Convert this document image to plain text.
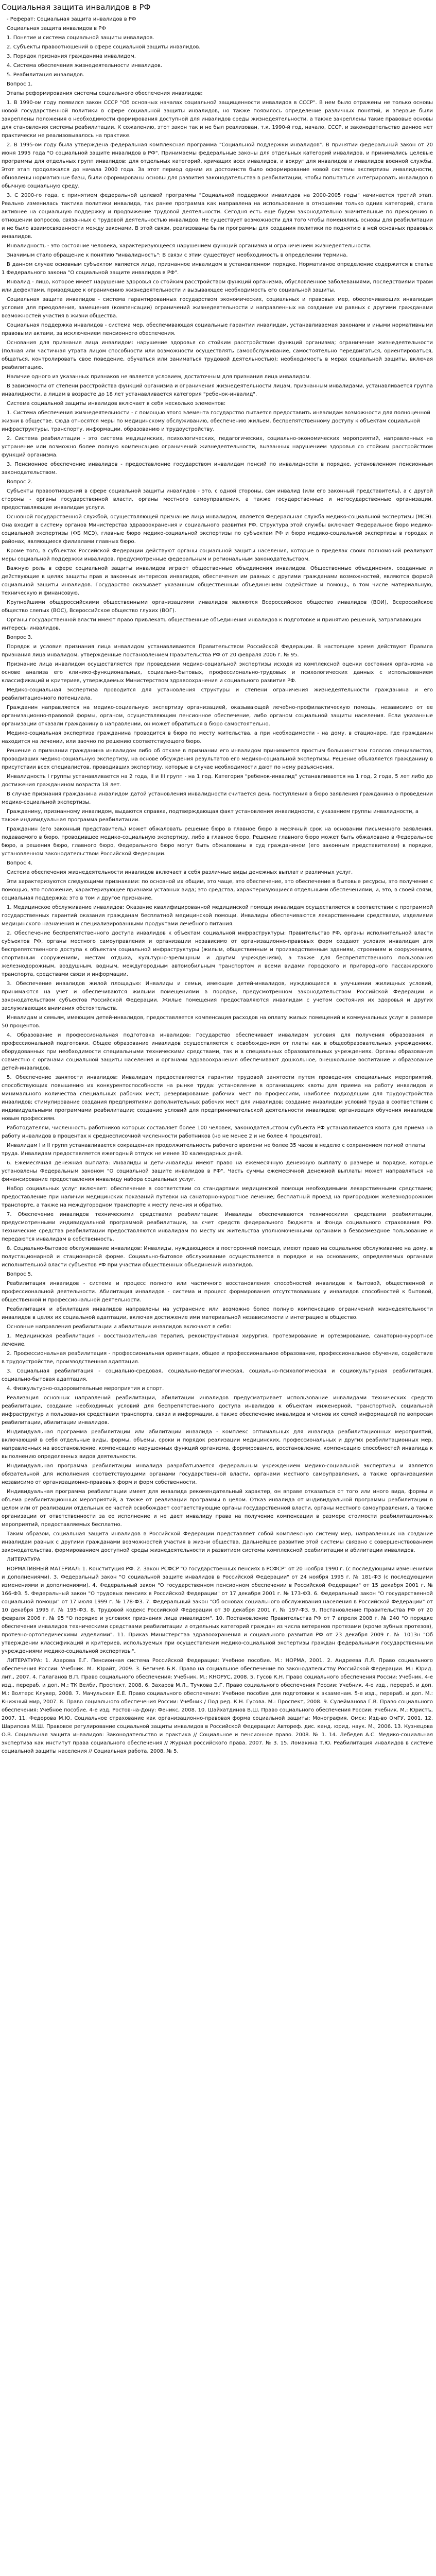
Социальная защита инвалидов в РФ
- Реферат: Социальная защита инвалидов в РФ
Социальная защита инвалидов в РФ
1. Понятие и система социальной защиты инвалидов.
2. Субъекты правоотношений в сфере социальной защиты инвалидов.
3. Порядок признания гражданина инвалидом.
4. Система обеспечения жизнедеятельности инвалидов.
5. Реабилитация инвалидов.
Вопрос 1.
Этапы реформирования системы социального обеспечения инвалидов:
1. В 1990-ом году появился закон СССР "Об основных началах социальной защищенности инвалидов в СССР". В нем было отражены не только основы новой государственной политики в сфере социальной защиты инвалидов, но также появилось определение различных понятий, и впервые были закреплены положения о необходимости формирования доступной для инвалидов среды жизнедеятельности, а также закреплены такие правовые основы для становления системы реабилитации. К сожалению, этот закон так и не был реализован, т.к. 1990-й год, начало, СССР, и законодательство данное нет практически не реализовывалось на практике.
2. В 1995-ом году была утверждена федеральная комплексная программа "Социальной поддержки инвалидов". В принятии федеральный закон от 20 июня 1995 года "О социальной защите инвалидов в РФ". Принимаемы федеральные законы для отдельных категорий инвалидов, и принимались целевые программы для отдельных групп инвалидов: для отдельных категорий, кричащих всех инвалидов, и вокруг для инвалидов и инвалидов военной службы. Этот этап продолжался до начала 2000 года. За этот период одним из достоинств было оформирование новой системы экспертизы инвалидности, обновлены нормативные базы, были сформированы основы для развития законодательства в реабилитации, чтобы попытаться интегрировать инвалидов в обычную социальную среду.
3. С 2000-го года, с принятием федеральной целевой программы "Социальной поддержки инвалидов на 2000-2005 годы" начинается третий этап. Реально изменилась тактика политики инвалида, так ранее программа как направлена на использование в отношении только одних категорий, стала активнее на социальную поддержку и продвижение трудовой деятельности. Сегодня есть еще будем законодательно значительные по преждению в отношении вопросов, связанных с трудовой деятельностью инвалидов. Не существует возможности для того чтобы поменялись основы для реабилитации и не было взаимосвязанности между законами. В этой связи, реализованы были программы для создания политики по поднятию в ней основных правовых инвалидов.
Инвалидность - это состояние человека, характеризующееся нарушением функций организма и ограничением жизнедеятельности.
Значимым стало обращение к понятию "инвалидность": В связи с этим существует необходимость в определении термина.
В данном случае основным субъектом является лицо, признанное инвалидом в установленном порядке. Нормативное определение содержится в статье 1 Федерального закона "О социальной защите инвалидов в РФ".
Инвалид - лицо, которое имеет нарушение здоровья со стойким расстройством функций организма, обусловленное заболеваниями, последствиями травм или дефектами, приводящее к ограничению жизнедеятельности и вызывающее необходимость его социальной защиты.
Социальная защита инвалидов - система гарантированных государством экономических, социальных и правовых мер, обеспечивающих инвалидам условия для преодоления, замещения (компенсации) ограничений жизнедеятельности и направленных на создание им равных с другими гражданами возможностей участия в жизни общества.
Социальная поддержка инвалидов - система мер, обеспечивающая социальные гарантии инвалидам, устанавливаемая законами и иными нормативными правовыми актами, за исключением пенсионного обеспечения.
Основания для признания лица инвалидом: нарушение здоровья со стойким расстройством функций организма; ограничение жизнедеятельности (полная или частичная утрата лицом способности или возможности осуществлять самообслуживание, самостоятельно передвигаться, ориентироваться, общаться, контролировать свое поведение, обучаться или заниматься трудовой деятельностью); необходимость в мерах социальной защиты, включая реабилитацию.
Наличие одного из указанных признаков не является условием, достаточным для признания лица инвалидом.
В зависимости от степени расстройства функций организма и ограничения жизнедеятельности лицам, признанным инвалидами, устанавливается группа инвалидности, а лицам в возрасте до 18 лет устанавливается категория "ребенок-инвалид".
Система социальной защиты инвалидов включает в себя несколько элементов:
1. Система обеспечения жизнедеятельности - с помощью этого элемента государство пытается предоставить инвалидам возможности для полноценной жизни в обществе. Сюда относятся меры по медицинскому обслуживанию, обеспечению жильем, беспрепятственному доступу к объектам социальной инфраструктуры, транспорту, информации, образованию и трудоустройству.
2. Система реабилитации - это система медицинских, психологических, педагогических, социально-экономических мероприятий, направленных на устранение или возможно более полную компенсацию ограничений жизнедеятельности, вызванных нарушением здоровья со стойким расстройством функций организма.
3. Пенсионное обеспечение инвалидов - предоставление государством инвалидам пенсий по инвалидности в порядке, установленном пенсионным законодательством.
Вопрос 2.
Субъекты правоотношений в сфере социальной защиты инвалидов - это, с одной стороны, сам инвалид (или его законный представитель), а с другой стороны - органы государственной власти, органы местного самоуправления, а также государственные и негосударственные организации, предоставляющие инвалидам услуги.
Основной государственной службой, осуществляющей признание лица инвалидом, является Федеральная служба медико-социальной экспертизы (МСЭ). Она входит в систему органов Министерства здравоохранения и социального развития РФ. Структура этой службы включает Федеральное бюро медико-социальной экспертизы (ФБ МСЭ), главные бюро медико-социальной экспертизы по субъектам РФ и бюро медико-социальной экспертизы в городах и районах, являющиеся филиалами главных бюро.
Кроме того, в субъектах Российской Федерации действуют органы социальной защиты населения, которые в пределах своих полномочий реализуют меры социальной поддержки инвалидов, предусмотренные федеральным и региональным законодательством.
Важную роль в сфере социальной защиты инвалидов играют общественные объединения инвалидов. Общественные объединения, созданные и действующие в целях защиты прав и законных интересов инвалидов, обеспечения им равных с другими гражданами возможностей, являются формой социальной защиты инвалидов. Государство оказывает указанным общественным объединениям содействие и помощь, в том числе материальную, техническую и финансовую.
Крупнейшими общероссийскими общественными организациями инвалидов являются Всероссийское общество инвалидов (ВОИ), Всероссийское общество слепых (ВОС), Всероссийское общество глухих (ВОГ).
Органы государственной власти имеют право привлекать общественные объединения инвалидов к подготовке и принятию решений, затрагивающих интересы инвалидов.
Вопрос 3.
Порядок и условия признания лица инвалидом устанавливаются Правительством Российской Федерации. В настоящее время действуют Правила признания лица инвалидом, утвержденные постановлением Правительства РФ от 20 февраля 2006 г. № 95.
Признание лица инвалидом осуществляется при проведении медико-социальной экспертизы исходя из комплексной оценки состояния организма на основе анализа его клинико-функциональных, социально-бытовых, профессионально-трудовых и психологических данных с использованием классификаций и критериев, утверждаемых Министерством здравоохранения и социального развития РФ.
Медико-социальная экспертиза проводится для установления структуры и степени ограничения жизнедеятельности гражданина и его реабилитационного потенциала.
Гражданин направляется на медико-социальную экспертизу организацией, оказывающей лечебно-профилактическую помощь, независимо от ее организационно-правовой формы, органом, осуществляющим пенсионное обеспечение, либо органом социальной защиты населения. Если указанные организации отказали гражданину в направлении, он может обратиться в бюро самостоятельно.
Медико-социальная экспертиза гражданина проводится в бюро по месту жительства, а при необходимости - на дому, в стационаре, где гражданин находится на лечении, или заочно по решению соответствующего бюро.
Решение о признании гражданина инвалидом либо об отказе в признании его инвалидом принимается простым большинством голосов специалистов, проводивших медико-социальную экспертизу, на основе обсуждения результатов его медико-социальной экспертизы. Решение объявляется гражданину в присутствии всех специалистов, проводивших экспертизу, которые в случае необходимости дают по нему разъяснения.
Инвалидность I группы устанавливается на 2 года, II и III групп - на 1 год. Категория "ребенок-инвалид" устанавливается на 1 год, 2 года, 5 лет либо до достижения гражданином возраста 18 лет.
В случае признания гражданина инвалидом датой установления инвалидности считается день поступления в бюро заявления гражданина о проведении медико-социальной экспертизы.
Гражданину, признанному инвалидом, выдаются справка, подтверждающая факт установления инвалидности, с указанием группы инвалидности, а также индивидуальная программа реабилитации.
Гражданин (его законный представитель) может обжаловать решение бюро в главное бюро в месячный срок на основании письменного заявления, подаваемого в бюро, проводившее медико-социальную экспертизу, либо в главное бюро. Решение главного бюро может быть обжаловано в Федеральное бюро, а решения бюро, главного бюро, Федерального бюро могут быть обжалованы в суд гражданином (его законным представителем) в порядке, установленном законодательством Российской Федерации.
Вопрос 4.
Система обеспечения жизнедеятельности инвалидов включает в себя различные виды денежных выплат и различных услуг.
Эти характеризуются следующими признаками: по основной их общим, это чаще, это обеспечение, это обеспечение в бытовые ресурсы, это получение с помощью, это положение, характеризующее признаки уставных вида; это средства, характеризующиеся отдельными обеспечениями, и, это, в своей связи, социальная поддержка; это в том и другое признание.
1. Медицинское обслуживание инвалидов: Оказание квалифицированной медицинской помощи инвалидам осуществляется в соответствии с программой государственных гарантий оказания гражданам бесплатной медицинской помощи. Инвалиды обеспечиваются лекарственными средствами, изделиями медицинского назначения и специализированными продуктами лечебного питания.
2. Обеспечение беспрепятственного доступа инвалидов к объектам социальной инфраструктуры: Правительство РФ, органы исполнительной власти субъектов РФ, органы местного самоуправления и организации независимо от организационно-правовых форм создают условия инвалидам для беспрепятственного доступа к объектам социальной инфраструктуры (жилым, общественным и производственным зданиям, строениям и сооружениям, спортивным сооружениям, местам отдыха, культурно-зрелищным и другим учреждениям), а также для беспрепятственного пользования железнодорожным, воздушным, водным, междугородным автомобильным транспортом и всеми видами городского и пригородного пассажирского транспорта, средствами связи и информации.
3. Обеспечение инвалидов жилой площадью: Инвалиды и семьи, имеющие детей-инвалидов, нуждающиеся в улучшении жилищных условий, принимаются на учет и обеспечиваются жилыми помещениями в порядке, предусмотренном законодательством Российской Федерации и законодательством субъектов Российской Федерации. Жилые помещения предоставляются инвалидам с учетом состояния их здоровья и других заслуживающих внимания обстоятельств.
Инвалидам и семьям, имеющим детей-инвалидов, предоставляется компенсация расходов на оплату жилых помещений и коммунальных услуг в размере 50 процентов.
4. Образование и профессиональная подготовка инвалидов: Государство обеспечивает инвалидам условия для получения образования и профессиональной подготовки. Общее образование инвалидов осуществляется с освобождением от платы как в общеобразовательных учреждениях, оборудованных при необходимости специальными техническими средствами, так и в специальных образовательных учреждениях. Органы образования совместно с органами социальной защиты населения и органами здравоохранения обеспечивают дошкольное, внешкольное воспитание и образование детей-инвалидов.
5. Обеспечение занятости инвалидов: Инвалидам предоставляются гарантии трудовой занятости путем проведения специальных мероприятий, способствующих повышению их конкурентоспособности на рынке труда: установление в организациях квоты для приема на работу инвалидов и минимального количества специальных рабочих мест; резервирование рабочих мест по профессиям, наиболее подходящим для трудоустройства инвалидов; стимулирование создания предприятиями дополнительных рабочих мест для инвалидов; создание инвалидам условий труда в соответствии с индивидуальными программами реабилитации; создание условий для предпринимательской деятельности инвалидов; организация обучения инвалидов новым профессиям.
Работодателям, численность работников которых составляет более 100 человек, законодательством субъекта РФ устанавливается квота для приема на работу инвалидов в процентах к среднесписочной численности работников (но не менее 2 и не более 4 процентов).
Инвалидам I и II групп устанавливается сокращенная продолжительность рабочего времени не более 35 часов в неделю с сохранением полной оплаты труда. Инвалидам предоставляется ежегодный отпуск не менее 30 календарных дней.
6. Ежемесячная денежная выплата: Инвалиды и дети-инвалиды имеют право на ежемесячную денежную выплату в размере и порядке, которые установлены Федеральным законом "О социальной защите инвалидов в РФ". Часть суммы ежемесячной денежной выплаты может направляться на финансирование предоставления инвалиду набора социальных услуг.
Набор социальных услуг включает: обеспечение в соответствии со стандартами медицинской помощи необходимыми лекарственными средствами; предоставление при наличии медицинских показаний путевки на санаторно-курортное лечение; бесплатный проезд на пригородном железнодорожном транспорте, а также на междугородном транспорте к месту лечения и обратно.
7. Обеспечение инвалидов техническими средствами реабилитации: Инвалиды обеспечиваются техническими средствами реабилитации, предусмотренными индивидуальной программой реабилитации, за счет средств федерального бюджета и Фонда социального страхования РФ. Технические средства реабилитации предоставляются инвалидам по месту их жительства уполномоченными органами в безвозмездное пользование и передаются инвалидам в собственность.
8. Социально-бытовое обслуживание инвалидов: Инвалиды, нуждающиеся в посторонней помощи, имеют право на социальное обслуживание на дому, в полустационарной и стационарной форме. Социально-бытовое обслуживание осуществляется в порядке и на основаниях, определяемых органами исполнительной власти субъектов РФ при участии общественных объединений инвалидов.
Вопрос 5.
Реабилитация инвалидов - система и процесс полного или частичного восстановления способностей инвалидов к бытовой, общественной и профессиональной деятельности. Абилитация инвалидов - система и процесс формирования отсутствовавших у инвалидов способностей к бытовой, общественной и профессиональной деятельности.
Реабилитация и абилитация инвалидов направлены на устранение или возможно более полную компенсацию ограничений жизнедеятельности инвалидов в целях их социальной адаптации, включая достижение ими материальной независимости и интеграцию в общество.
Основные направления реабилитации и абилитации инвалидов включают в себя:
1. Медицинская реабилитация - восстановительная терапия, реконструктивная хирургия, протезирование и ортезирование, санаторно-курортное лечение.
2. Профессиональная реабилитация - профессиональная ориентация, общее и профессиональное образование, профессиональное обучение, содействие в трудоустройстве, производственная адаптация.
3. Социальная реабилитация - социально-средовая, социально-педагогическая, социально-психологическая и социокультурная реабилитация, социально-бытовая адаптация.
4. Физкультурно-оздоровительные мероприятия и спорт.
Реализация основных направлений реабилитации, абилитации инвалидов предусматривает использование инвалидами технических средств реабилитации, создание необходимых условий для беспрепятственного доступа инвалидов к объектам инженерной, транспортной, социальной инфраструктур и пользования средствами транспорта, связи и информации, а также обеспечение инвалидов и членов их семей информацией по вопросам реабилитации, абилитации инвалидов.
Индивидуальная программа реабилитации или абилитации инвалида - комплекс оптимальных для инвалида реабилитационных мероприятий, включающий в себя отдельные виды, формы, объемы, сроки и порядок реализации медицинских, профессиональных и других реабилитационных мер, направленных на восстановление, компенсацию нарушенных функций организма, формирование, восстановление, компенсацию способностей инвалида к выполнению определенных видов деятельности.
Индивидуальная программа реабилитации инвалида разрабатывается федеральным учреждением медико-социальной экспертизы и является обязательной для исполнения соответствующими органами государственной власти, органами местного самоуправления, а также организациями независимо от организационно-правовых форм и форм собственности.
Индивидуальная программа реабилитации имеет для инвалида рекомендательный характер, он вправе отказаться от того или иного вида, формы и объема реабилитационных мероприятий, а также от реализации программы в целом. Отказ инвалида от индивидуальной программы реабилитации в целом или от реализации отдельных ее частей освобождает соответствующие органы государственной власти, органы местного самоуправления, а также организации от ответственности за ее исполнение и не дает инвалиду права на получение компенсации в размере стоимости реабилитационных мероприятий, предоставляемых бесплатно.
Таким образом, социальная защита инвалидов в Российской Федерации представляет собой комплексную систему мер, направленных на создание инвалидам равных с другими гражданами возможностей участия в жизни общества. Дальнейшее развитие этой системы связано с совершенствованием законодательства, формированием доступной среды жизнедеятельности и развитием системы комплексной реабилитации и абилитации инвалидов.
ЛИТЕРАТУРА
НОРМАТИВНЫЙ МАТЕРИАЛ: 1. Конституция РФ. 2. Закон РСФСР "О государственных пенсиях в РСФСР" от 20 ноября 1990 г. (с последующими изменениями и дополнениями). 3. Федеральный закон "О социальной защите инвалидов в Российской Федерации" от 24 ноября 1995 г. № 181-ФЗ (с последующими изменениями и дополнениями). 4. Федеральный закон "О государственном пенсионном обеспечении в Российской Федерации" от 15 декабря 2001 г. № 166-ФЗ. 5. Федеральный закон "О трудовых пенсиях в Российской Федерации" от 17 декабря 2001 г. № 173-ФЗ. 6. Федеральный закон "О государственной социальной помощи" от 17 июля 1999 г. № 178-ФЗ. 7. Федеральный закон "Об основах социального обслуживания населения в Российской Федерации" от 10 декабря 1995 г. № 195-ФЗ. 8. Трудовой кодекс Российской Федерации от 30 декабря 2001 г. № 197-ФЗ. 9. Постановление Правительства РФ от 20 февраля 2006 г. № 95 "О порядке и условиях признания лица инвалидом". 10. Постановление Правительства РФ от 7 апреля 2008 г. № 240 "О порядке обеспечения инвалидов техническими средствами реабилитации и отдельных категорий граждан из числа ветеранов протезами (кроме зубных протезов), протезно-ортопедическими изделиями". 11. Приказ Министерства здравоохранения и социального развития РФ от 23 декабря 2009 г. № 1013н "Об утверждении классификаций и критериев, используемых при осуществлении медико-социальной экспертизы граждан федеральными государственными учреждениями медико-социальной экспертизы".
ЛИТЕРАТУРА: 1. Азарова Е.Г. Пенсионная система Российской Федерации: Учебное пособие. М.: НОРМА, 2001. 2. Андреева Л.Л. Право социального обеспечения России: Учебник. М.: Юрайт, 2009. 3. Бегичев Б.К. Право на социальное обеспечение по законодательству Российской Федерации. М.: Юрид. лит., 2007. 4. Галаганов В.П. Право социального обеспечения: Учебник. М.: КНОРУС, 2008. 5. Гусов К.Н. Право социального обеспечения России: Учебник. 4-е изд., перераб. и доп. М.: ТК Велби, Проспект, 2008. 6. Захаров М.Л., Тучкова Э.Г. Право социального обеспечения России: Учебник. 4-е изд., перераб. и доп. М.: Волтерс Клувер, 2008. 7. Мачульская Е.Е. Право социального обеспечения: Учебное пособие для подготовки к экзаменам. 5-е изд., перераб. и доп. М.: Книжный мир, 2007. 8. Право социального обеспечения России: Учебник / Под ред. К.Н. Гусова. М.: Проспект, 2008. 9. Сулейманова Г.В. Право социального обеспечения: Учебное пособие. 4-е изд. Ростов-на-Дону: Феникс, 2008. 10. Шайхатдинов В.Ш. Право социального обеспечения России: Учебник. М.: Юристъ, 2007. 11. Федорова М.Ю. Социальное страхование как организационно-правовая форма социальной защиты: Монография. Омск: Изд-во ОмГУ, 2001. 12. Шарипова М.Ш. Правовое регулирование социальной защиты инвалидов в Российской Федерации: Автореф. дис. канд. юрид. наук. М., 2006. 13. Кузнецова О.В. Социальная защита инвалидов: Законодательство и практика // Социальное и пенсионное право. 2008. № 1. 14. Лебедев А.С. Медико-социальная экспертиза как институт права социального обеспечения // Журнал российского права. 2007. № 3. 15. Ломакина Т.Ю. Реабилитация инвалидов в системе социальной защиты населения // Социальная работа. 2008. № 5.
